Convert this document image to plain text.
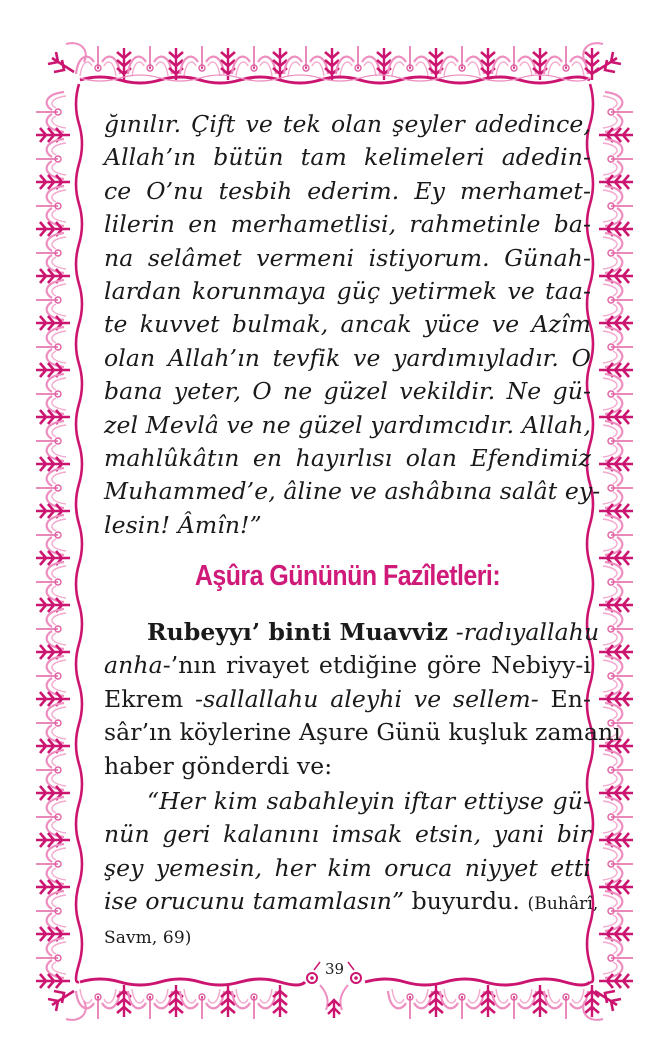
ğınılır. Çift ve tek olan şeyler adedince,
Allah’ın bütün tam kelimeleri adedin-
ce O’nu tesbih ederim. Ey merhamet-
lilerin en merhametlisi, rahmetinle ba-
na selâmet vermeni istiyorum. Günah-
lardan korunmaya güç yetirmek ve taa-
te kuvvet bulmak, ancak yüce ve Azîm
olan Allah’ın tevfik ve yardımıyladır. O
bana yeter, O ne güzel vekildir. Ne gü-
zel Mevlâ ve ne güzel yardımcıdır. Allah,
mahlûkâtın en hayırlısı olan Efendimiz
Muhammed’e, âline ve ashâbına salât ey-
lesin! Âmîn!”
Aşûra Gününün Fazîletleri:
Rubeyyı’ binti Muavviz -radıyallahu
anha-’nın rivayet etdiğine göre Nebiyy-i
Ekrem -sallallahu aleyhi ve sellem- En-
sâr’ın köylerine Aşure Günü kuşluk zamanı
haber gönderdi ve:
“Her kim sabahleyin iftar ettiyse gü-
nün geri kalanını imsak etsin, yani bir
şey yemesin, her kim oruca niyyet etti
ise orucunu tamamlasın” buyurdu. (Buhârî,
Savm, 69)
39
